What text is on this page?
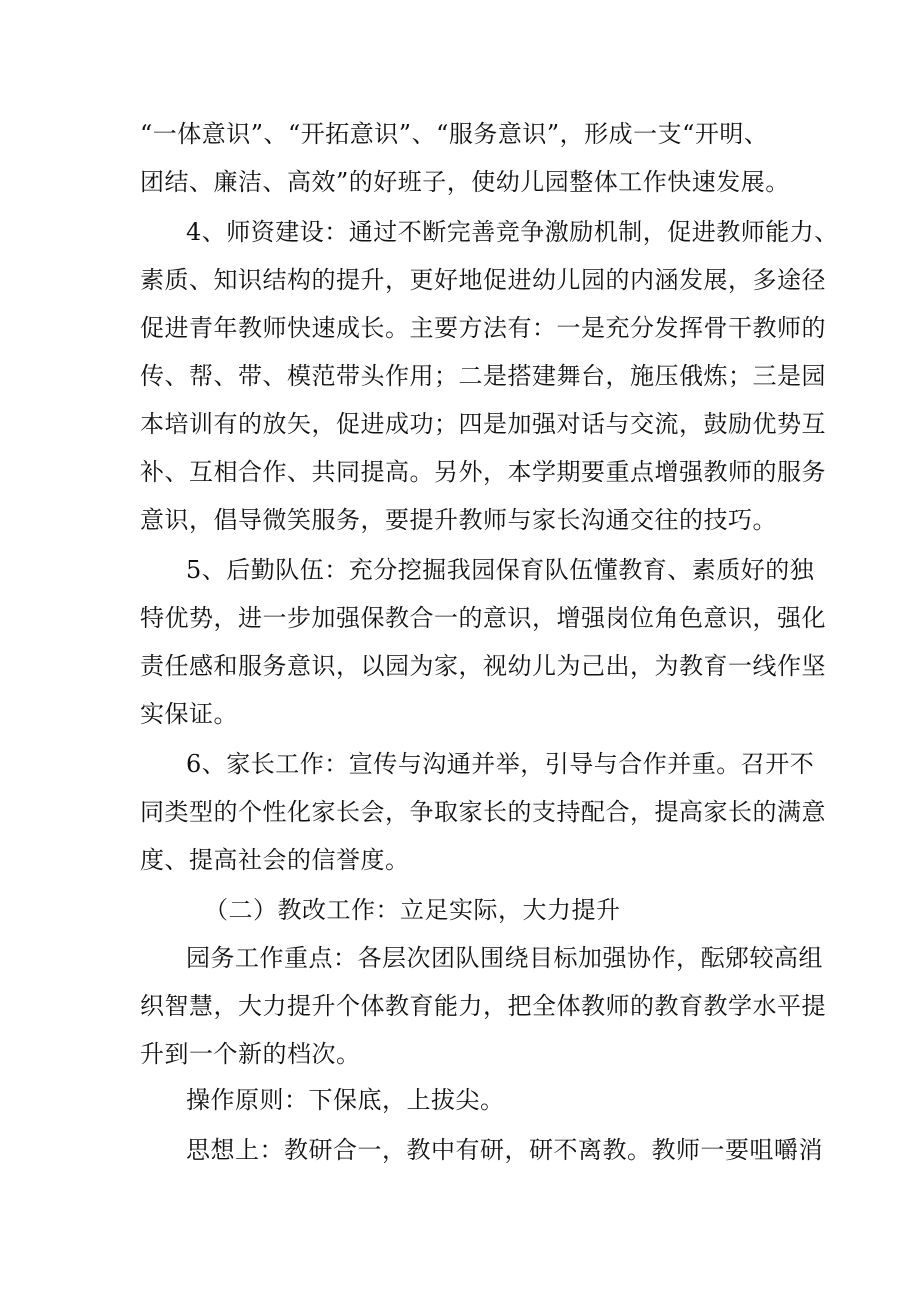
“一体意识”、“开拓意识”、“服务意识”，形成一支“开明、
团结、廉洁、高效”的好班子，使幼儿园整体工作快速发展。
4、师资建设：通过不断完善竞争激励机制，促进教师能力、
素质、知识结构的提升，更好地促进幼儿园的内涵发展，多途径
促进青年教师快速成长。主要方法有：一是充分发挥骨干教师的
传、帮、带、模范带头作用；二是搭建舞台，施压俄炼；三是园
本培训有的放矢，促进成功；四是加强对话与交流，鼓励优势互
补、互相合作、共同提高。另外，本学期要重点增强教师的服务
意识，倡导微笑服务，要提升教师与家长沟通交往的技巧。
5、后勤队伍：充分挖掘我园保育队伍懂教育、素质好的独
特优势，进一步加强保教合一的意识，增强岗位角色意识，强化
责任感和服务意识，以园为家，视幼儿为己出，为教育一线作坚
实保证。
6、家长工作：宣传与沟通并举，引导与合作并重。召开不
同类型的个性化家长会，争取家长的支持配合，提高家长的满意
度、提高社会的信誉度。
（二）教改工作：立足实际，大力提升
园务工作重点：各层次团队围绕目标加强协作，酝郳较高组
织智慧，大力提升个体教育能力，把全体教师的教育教学水平提
升到一个新的档次。
操作原则：下保底，上拔尖。
思想上：教研合一，教中有研，研不离教。教师一要咀嚼消
